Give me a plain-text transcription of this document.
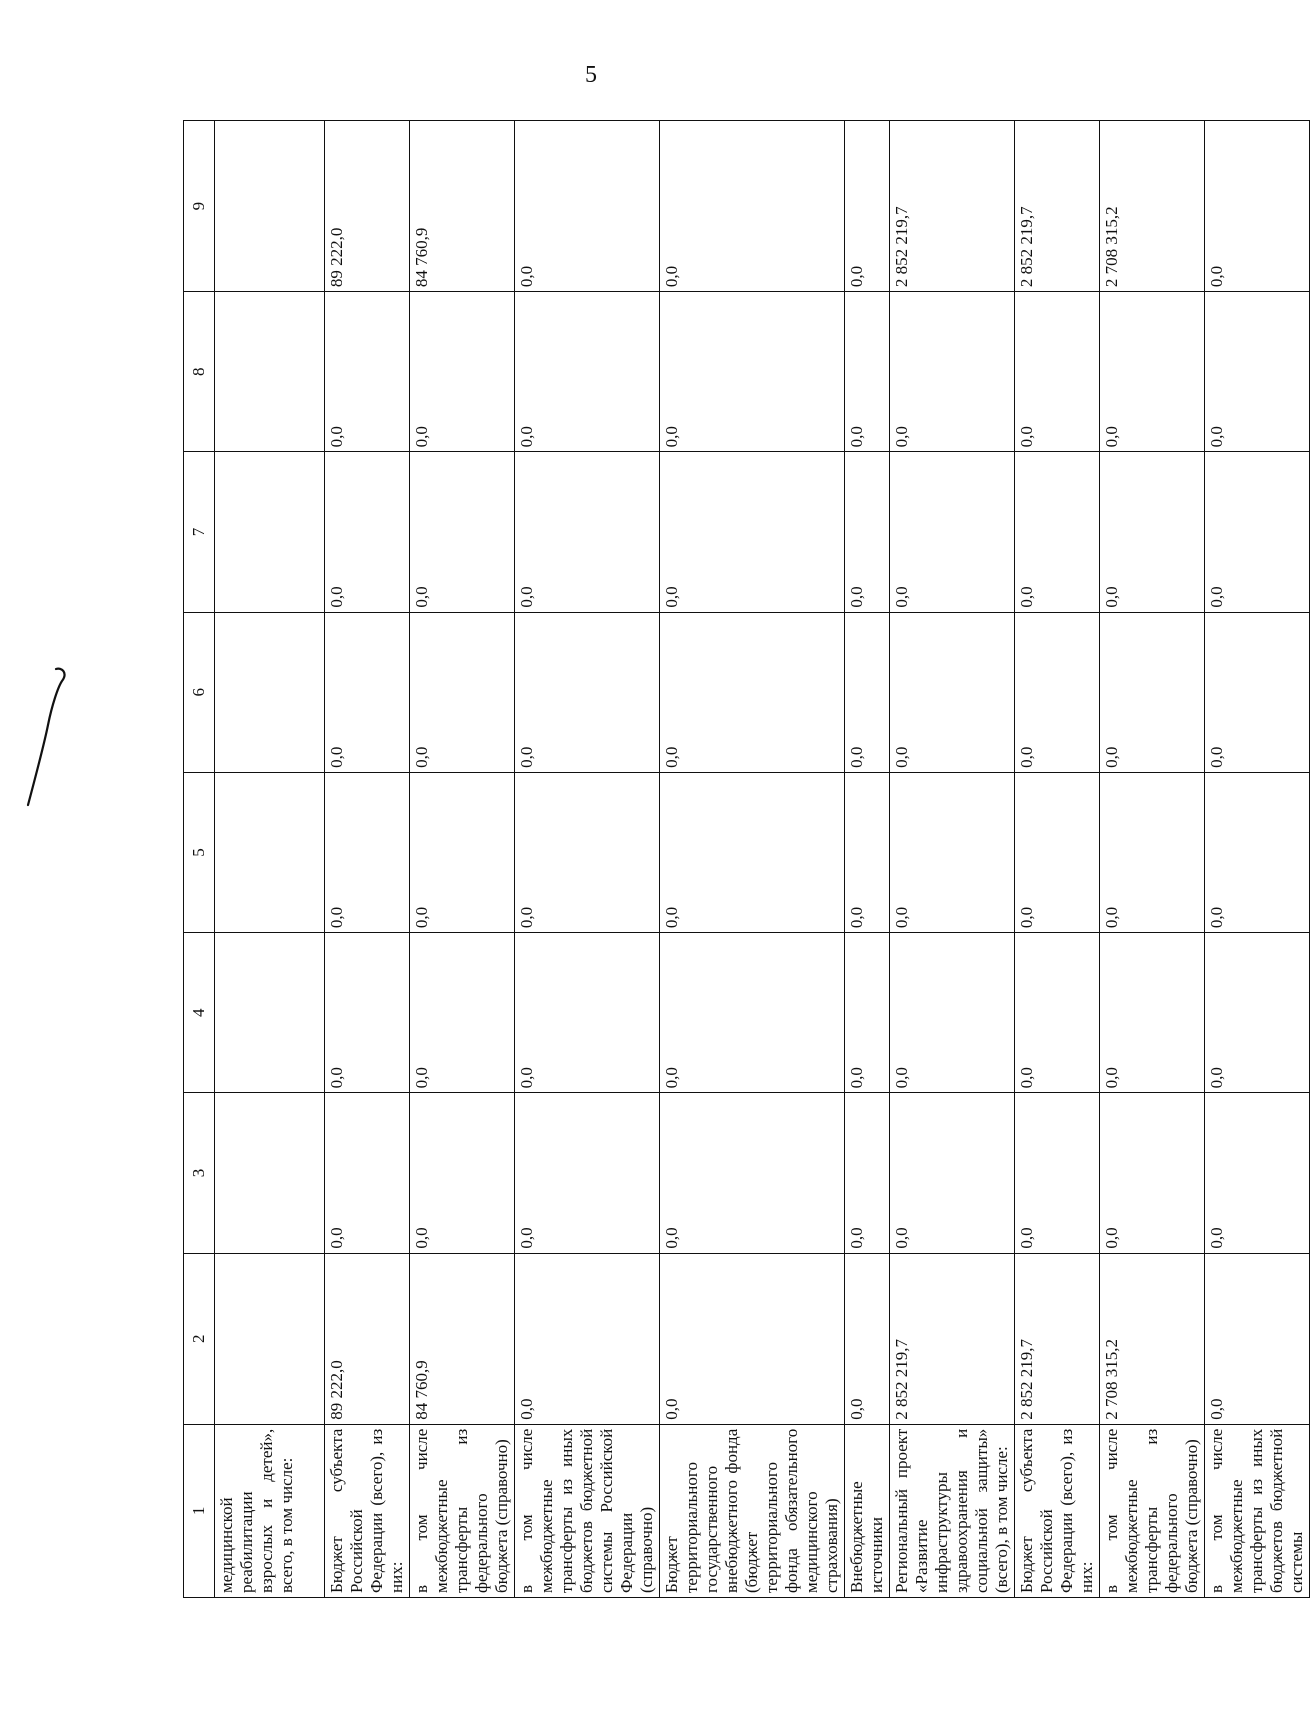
5
1	2	3	4	5	6	7	8	9
медицинской реабилитации взрослых и детей», всего, в том числе:								
Бюджет субъекта Российской Федерации (всего), из них:	89 222,0	0,0	0,0	0,0	0,0	0,0	0,0	89 222,0
в том числе межбюджетные трансферты из федерального бюджета (справочно)	84 760,9	0,0	0,0	0,0	0,0	0,0	0,0	84 760,9
в том числе межбюджетные трансферты из иных бюджетов бюджетной системы Российской Федерации (справочно)	0,0	0,0	0,0	0,0	0,0	0,0	0,0	0,0
Бюджет территориального государственного внебюджетного фонда (бюджет территориального фонда обязательного медицинского страхования)	0,0	0,0	0,0	0,0	0,0	0,0	0,0	0,0
Внебюджетные источники	0,0	0,0	0,0	0,0	0,0	0,0	0,0	0,0
Региональный проект «Развитие инфраструктуры здравоохранения и социальной защиты» (всего), в том числе:	2 852 219,7	0,0	0,0	0,0	0,0	0,0	0,0	2 852 219,7
Бюджет субъекта Российской Федерации (всего), из них:	2 852 219,7	0,0	0,0	0,0	0,0	0,0	0,0	2 852 219,7
в том числе межбюджетные трансферты из федерального бюджета (справочно)	2 708 315,2	0,0	0,0	0,0	0,0	0,0	0,0	2 708 315,2
в том числе межбюджетные трансферты из иных бюджетов бюджетной системы	0,0	0,0	0,0	0,0	0,0	0,0	0,0	0,0
